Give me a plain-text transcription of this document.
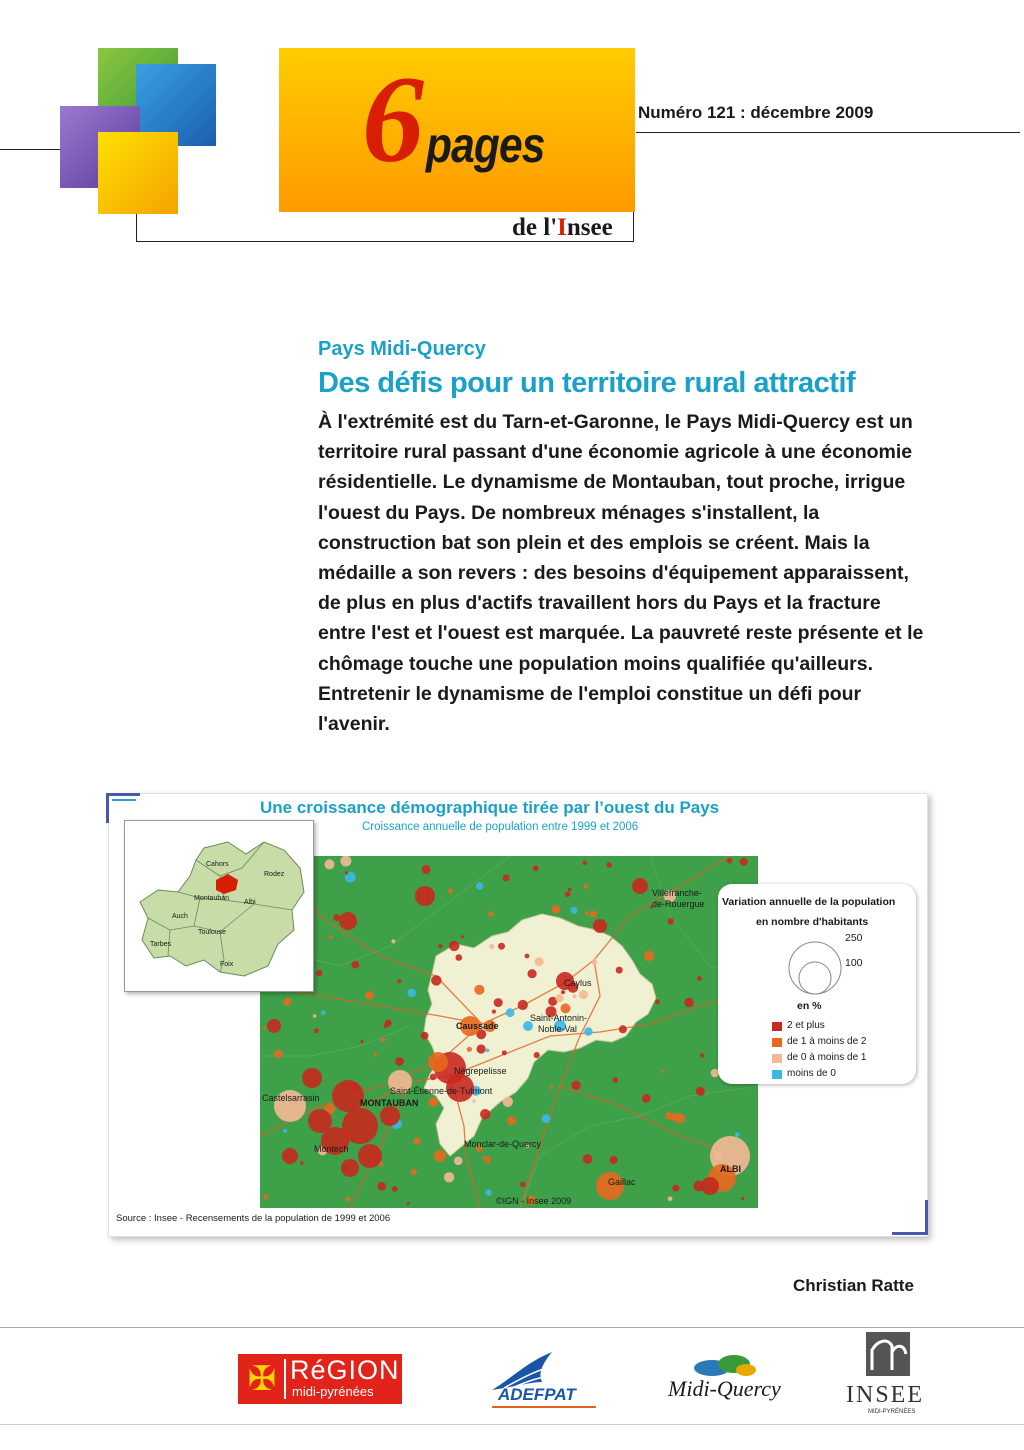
6 pages
de l'Insee
Numéro 121 : décembre 2009
Pays Midi-Quercy
Des défis pour un territoire rural attractif

À l'extrémité est du Tarn-et-Garonne, le Pays Midi-Quercy est un territoire rural passant d'une économie agricole à une économie résidentielle. Le dynamisme de Montauban, tout proche, irrigue l'ouest du Pays. De nombreux ménages s'installent, la construction bat son plein et des emplois se créent. Mais la médaille a son revers : des besoins d'équipement apparaissent, de plus en plus d'actifs travaillent hors du Pays et la fracture entre l'est et l'ouest est marquée. La pauvreté reste présente et le chômage touche une population moins qualifiée qu'ailleurs. Entretenir le dynamisme de l'emploi constitue un défi pour l'avenir.

Une croissance démographique tirée par l’ouest du Pays
Croissance annuelle de population entre 1999 et 2006
Villefranche-
de-Rouergue
Caylus
Caussade
Saint-Antonin-
Noble-Val
Nègrepelisse
Saint-Étienne-de-Tulmont
MONTAUBAN
Castelsarrasin
Montech	Monclar-de-Quercy
Gaillac
ALBI
©IGN - Insee 2009
Cahors
Rodez
Montauban
Albi
Auch
Toulouse
Tarbes
Foix
Variation annuelle de la population
en nombre d'habitants
250
100
en %
2 et plus
de 1 à moins de 2
de 0 à moins de 1
moins de 0
Source : Insee - Recensements de la population de 1999 et 2006
Christian Ratte
✠ RéGION
midi-pyrénées	ADEFPAT	Midi-Quercy	INSEE
MIDI-PYRÉNÉES
